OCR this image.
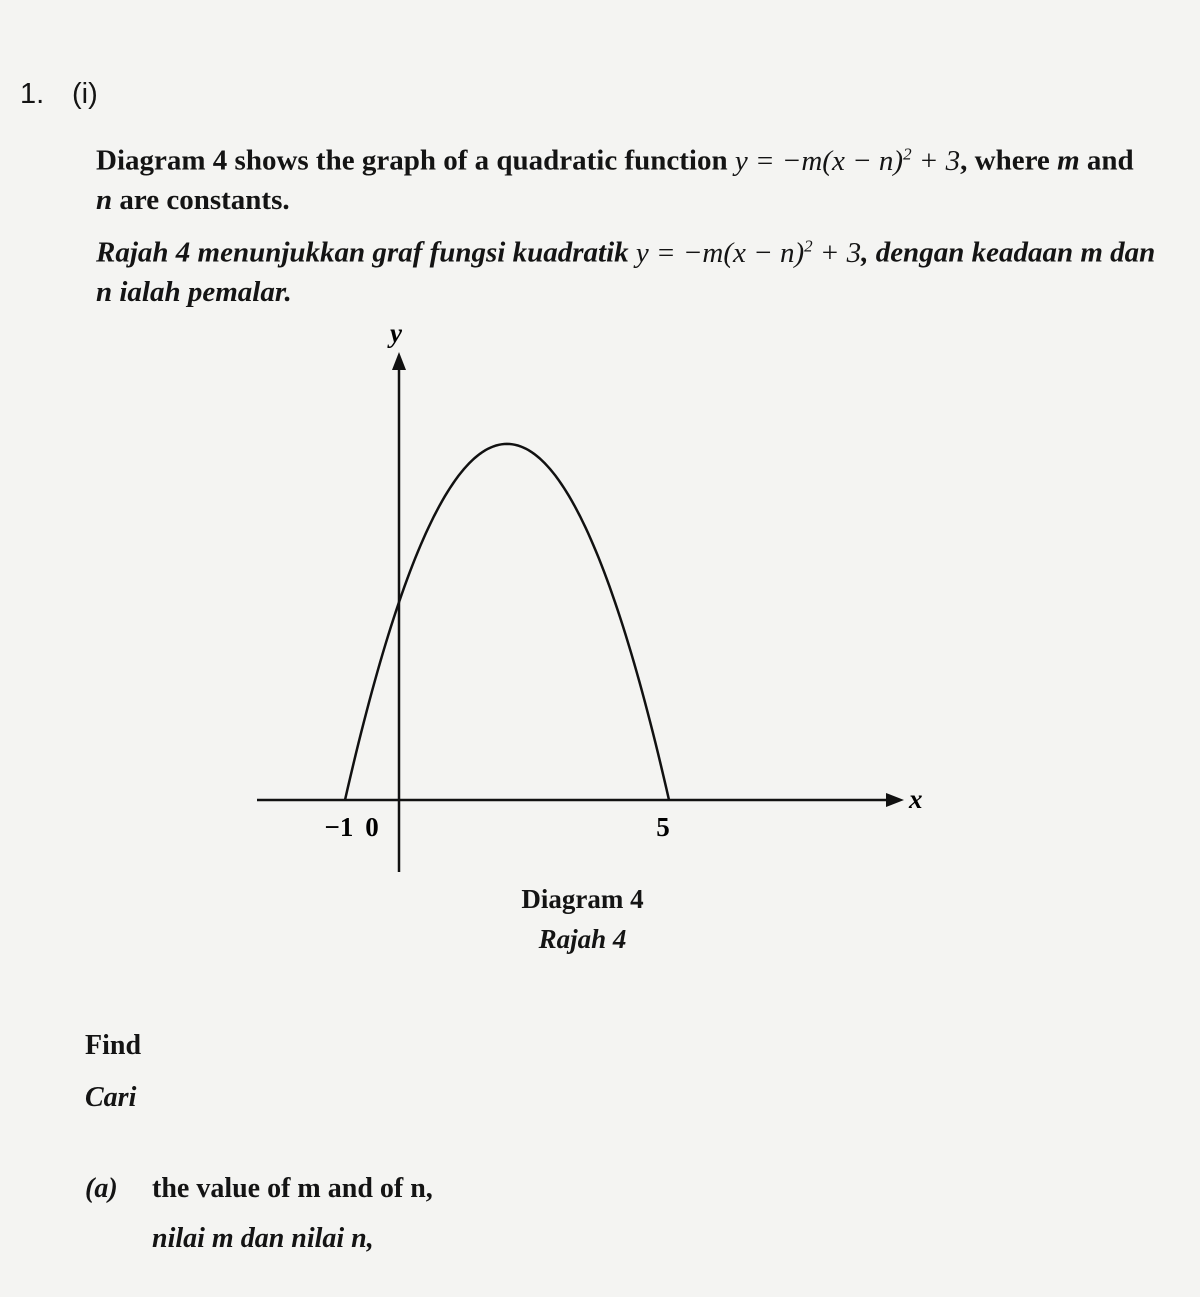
1. (i)
Diagram 4 shows the graph of a quadratic function $y = -m(x - n)^2 + 3$, where m and
n are constants.
Rajah 4 menunjukkan graf fungsi kuadratik $y = -m(x - n)^2 + 3$, dengan keadaan m dan n ialah pemalar.
y
x
−1 0	5
Diagram 4
Rajah 4
Find
Cari
(a) the value of m and of n,
nilai m dan nilai n,
